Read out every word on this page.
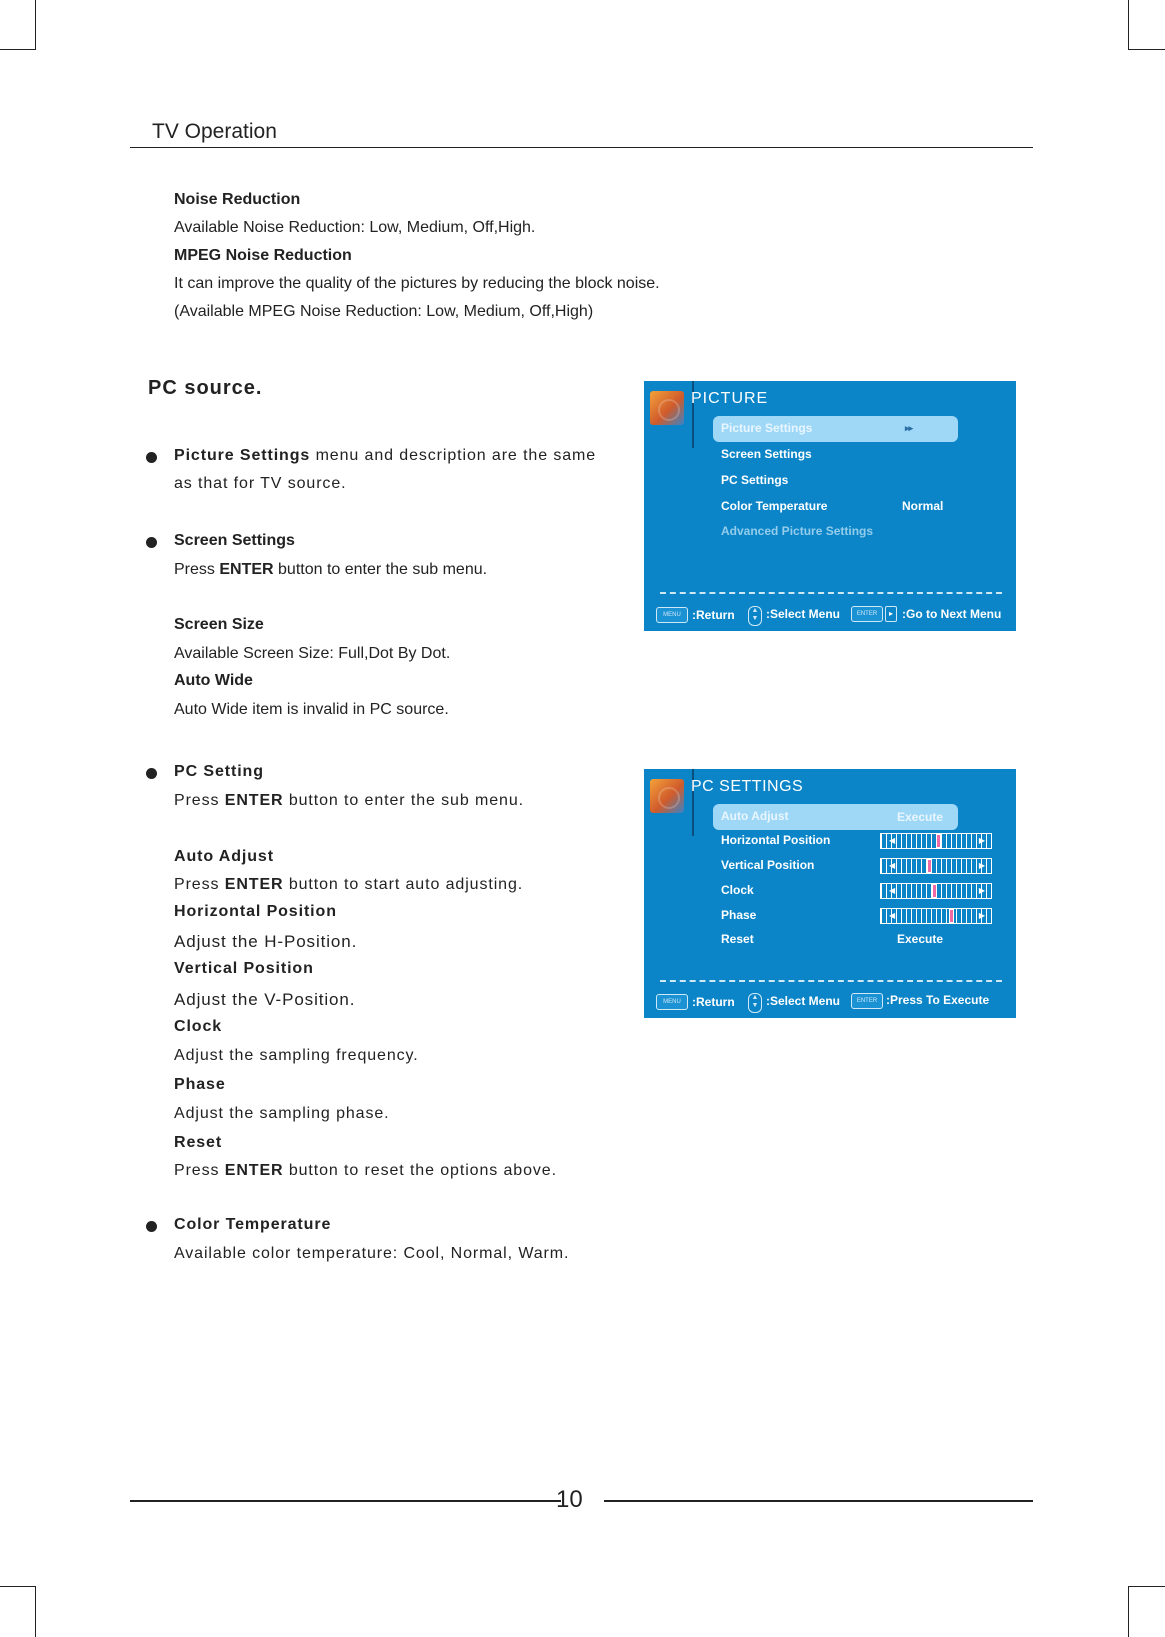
TV Operation
Noise Reduction
Available Noise Reduction: Low, Medium, Off,High.
MPEG Noise Reduction
It can improve the quality of the pictures by reducing the block noise.
(Available MPEG Noise Reduction: Low, Medium, Off,High)
PC source.
Picture Settings menu and description are the same
as that for TV source.
Screen Settings
Press ENTER button to enter the sub menu.
Screen Size
Available Screen Size: Full,Dot By Dot.
Auto Wide
Auto Wide item is invalid in PC source.
PC Setting
Press ENTER button to enter the sub menu.
Auto Adjust
Press ENTER button to start auto adjusting.
Horizontal Position
Adjust the H-Position.
Vertical Position
Adjust the V-Position.
Clock
Adjust the sampling frequency.
Phase
Adjust the sampling phase.
Reset
Press ENTER button to reset the options above.
Color Temperature
Available color temperature: Cool, Normal, Warm.
PICTURE
Picture Settings	▸▸
Screen Settings
PC Settings
Color Temperature	Normal
Advanced Picture Settings
MENU :Return	▲
▼ :Select Menu	ENTER	▸ :Go to Next Menu
PC SETTINGS
Auto Adjust	Execute
Horizontal Position	◀	▶
Vertical Position	◀	▶
Clock	◀	▶
Phase	◀	▶
Reset	Execute
MENU :Return	▲
▼ :Select Menu	ENTER :Press To Execute
10
